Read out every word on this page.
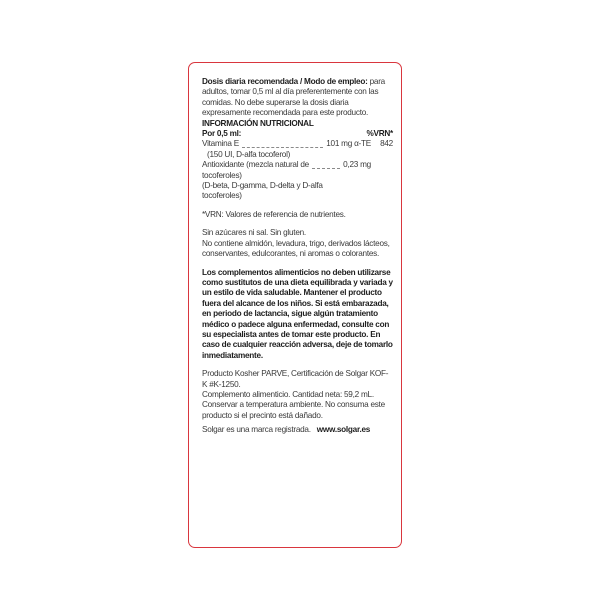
Dosis diaria recomendada / Modo de empleo: para adultos, tomar 0,5 ml al día preferentemente con las comidas. No debe superarse la dosis diaria expresamente recomendada para este producto.

INFORMACIÓN NUTRICIONAL

Por 0,5 ml:	%VRN*
Vitamina E	101 mg α-TE	842

(150 UI, D-alfa tocoferol)

Antioxidante (mezcla natural de	0,23 mg

tocoferoles)

(D-beta, D-gamma, D-delta y D-alfa

tocoferoles)

*VRN: Valores de referencia de nutrientes.

Sin azúcares ni sal. Sin gluten.

No contiene almidón, levadura, trigo, derivados lácteos, conservantes, edulcorantes, ni aromas o colorantes.

Los complementos alimenticios no deben utilizarse como sustitutos de una dieta equilibrada y variada y un estilo de vida saludable. Mantener el producto fuera del alcance de los niños. Si está embarazada, en periodo de lactancia, sigue algún tratamiento médico o padece alguna enfermedad, consulte con su especialista antes de tomar este producto. En caso de cualquier reacción adversa, deje de tomarlo inmediatamente.

Producto Kosher PARVE, Certificación de Solgar KOF-K #K-1250.

Complemento alimenticio. Cantidad neta: 59,2 mL.

Conservar a temperatura ambiente. No consuma este producto si el precinto está dañado.

Solgar es una marca registrada. www.solgar.es
